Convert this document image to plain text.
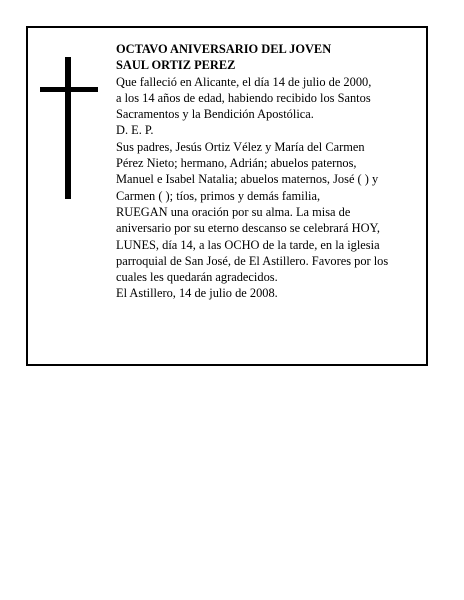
OCTAVO ANIVERSARIO DEL JOVEN
SAUL ORTIZ PEREZ
Que falleció en Alicante, el día 14 de julio de 2000,
a los 14 años de edad, habiendo recibido los Santos
Sacramentos y la Bendición Apostólica.
D. E. P.
Sus padres, Jesús Ortiz Vélez y María del Carmen
Pérez Nieto; hermano, Adrián; abuelos paternos,
Manuel e Isabel Natalia; abuelos maternos, José ( ) y
Carmen ( ); tíos, primos y demás familia,
RUEGAN una oración por su alma. La misa de
aniversario por su eterno descanso se celebrará HOY,
LUNES, día 14, a las OCHO de la tarde, en la iglesia
parroquial de San José, de El Astillero. Favores por los
cuales les quedarán agradecidos.
El Astillero, 14 de julio de 2008.
